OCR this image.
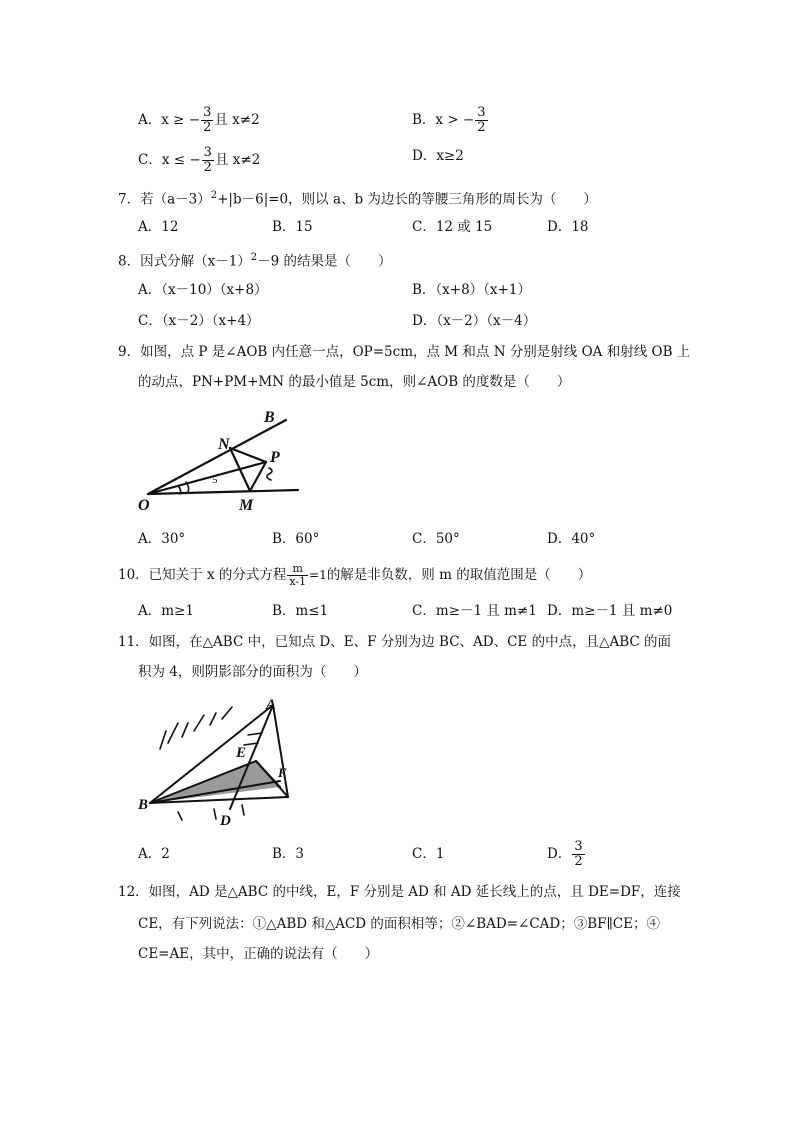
A．x ≥ − $\frac{3}{2}$ 且 x≠2	B．x > − $\frac{3}{2}$
C．x ≤ − $\frac{3}{2}$ 且 x≠2	D．x≥2
7．若$(a-3)^2+|b-6|=0$，则以 a、b 为边长的等腰三角形的周长为（　　）
A．12	B．15	C．12 或 15	D．18
8．因式分解$(x-1)^2-9$ 的结果是（　　）
A．（x－10）（x+8）	B．（x+8）（x+1）
C．（x－2）（x+4）	D．（x－2）（x－4）
9．如图，点 P 是∠AOB 内任意一点，OP=5cm，点 M 和点 N 分别是射线 OA 和射线 OB 上
的动点，PN+PM+MN 的最小值是 5cm，则∠AOB 的度数是（　　）
B
N
P
O	M
5
A．30°	B．60°	C．50°	D．40°
10．已知关于 x 的分式方程 $\frac{m}{x-1} =1$的解是非负数，则 m 的取值范围是（　　）
A．m≥1	B．m≤1	C．m≥－1 且 m≠1 D．m≥－1 且 m≠0
11．如图，在△ABC 中，已知点 D、E、F 分别为边 BC、AD、CE 的中点，且△ABC 的面
积为 4，则阴影部分的面积为（　　）
A
B
D
E
F
A．2	B．3	C．1	D． $\frac{3}{2}$
12．如图，AD 是△ABC 的中线，E，F 分别是 AD 和 AD 延长线上的点，且 DE=DF，连接
CE，有下列说法：①△ABD 和△ACD 的面积相等；②∠BAD=∠CAD；③BF∥CE；④
CE=AE，其中，正确的说法有（　　）
